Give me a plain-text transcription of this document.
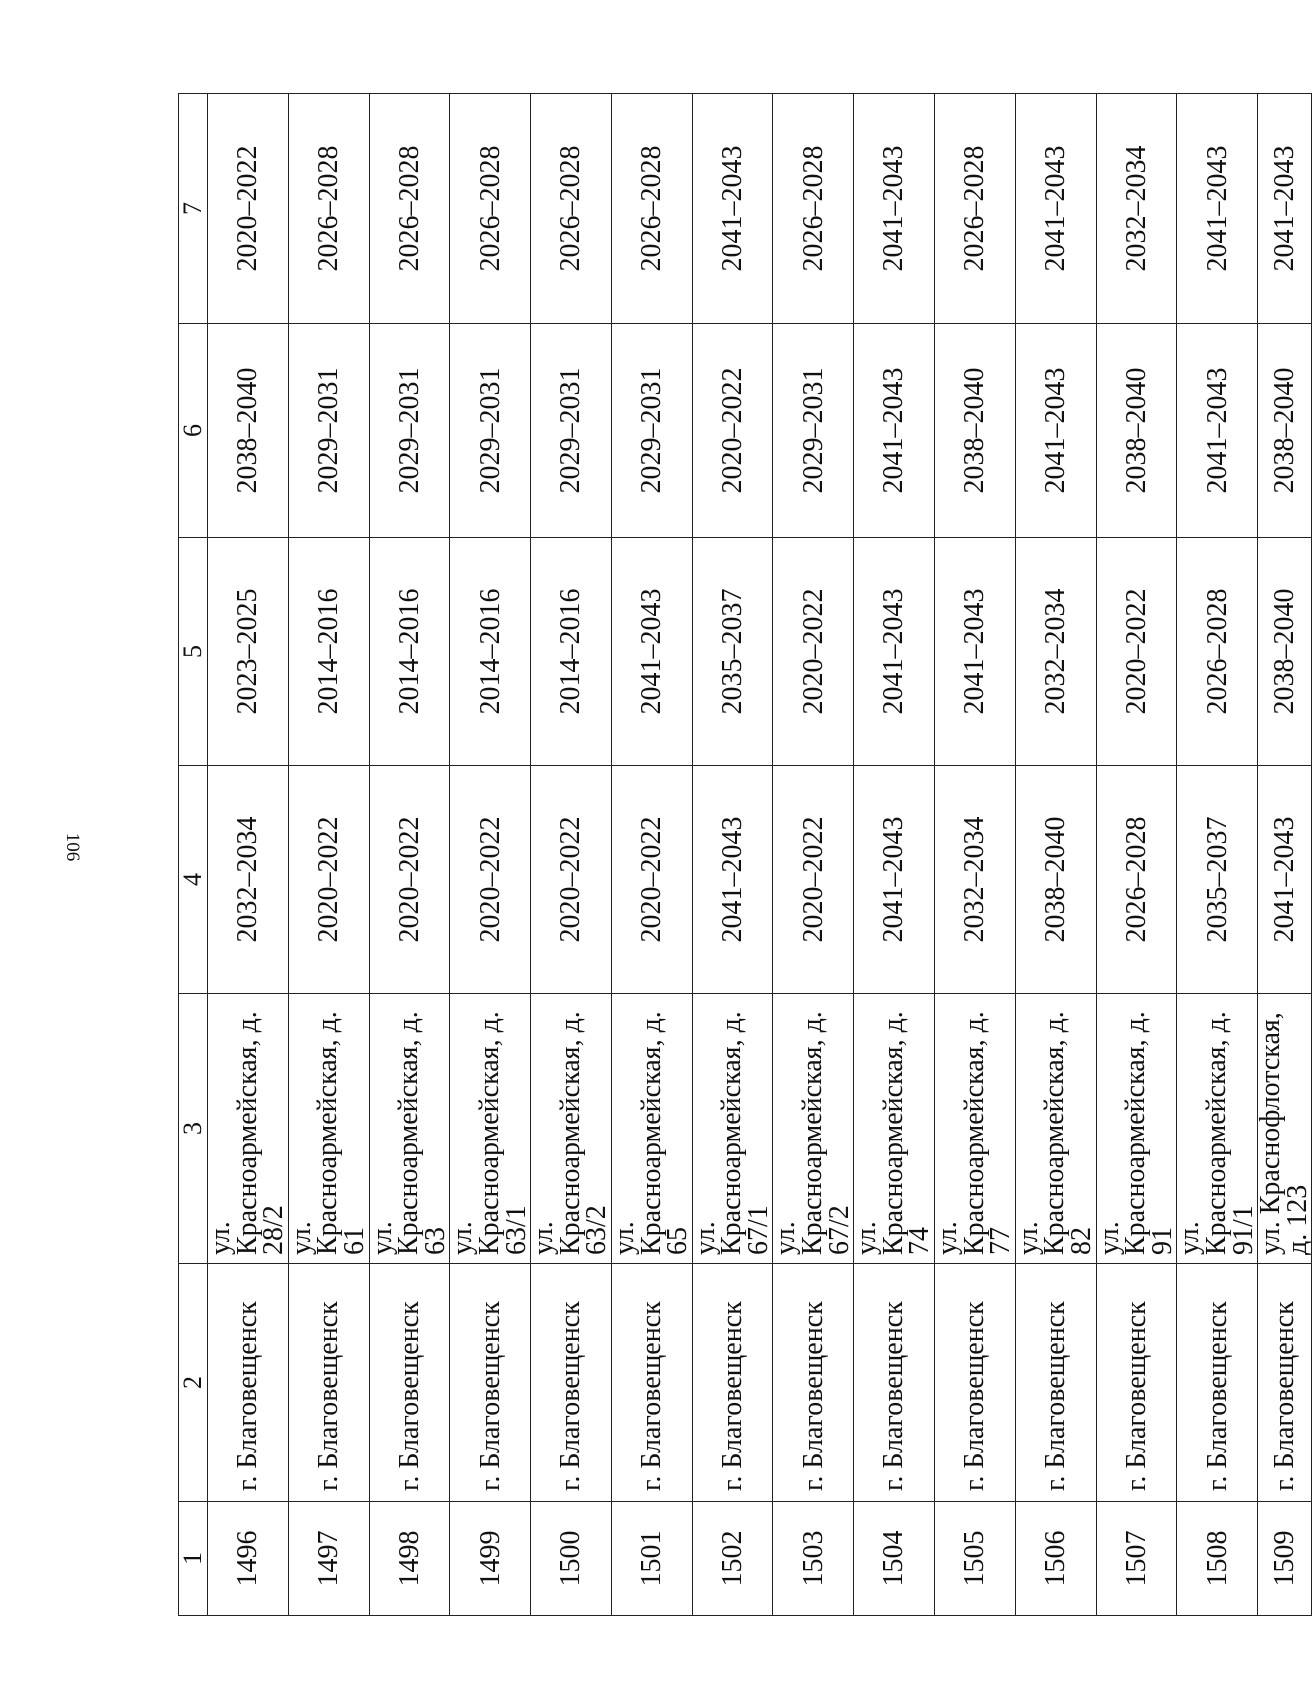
106
1	2	3	4	5	6	7
1496	г. Благовещенск	ул. Красноармейская, д. 28/2	2032–2034	2023–2025	2038–2040	2020–2022
1497	г. Благовещенск	ул. Красноармейская, д. 61	2020–2022	2014–2016	2029–2031	2026–2028
1498	г. Благовещенск	ул. Красноармейская, д. 63	2020–2022	2014–2016	2029–2031	2026–2028
1499	г. Благовещенск	ул. Красноармейская, д. 63/1	2020–2022	2014–2016	2029–2031	2026–2028
1500	г. Благовещенск	ул. Красноармейская, д. 63/2	2020–2022	2014–2016	2029–2031	2026–2028
1501	г. Благовещенск	ул. Красноармейская, д. 65	2020–2022	2041–2043	2029–2031	2026–2028
1502	г. Благовещенск	ул. Красноармейская, д. 67/1	2041–2043	2035–2037	2020–2022	2041–2043
1503	г. Благовещенск	ул. Красноармейская, д. 67/2	2020–2022	2020–2022	2029–2031	2026–2028
1504	г. Благовещенск	ул. Красноармейская, д. 74	2041–2043	2041–2043	2041–2043	2041–2043
1505	г. Благовещенск	ул. Красноармейская, д. 77	2032–2034	2041–2043	2038–2040	2026–2028
1506	г. Благовещенск	ул. Красноармейская, д. 82	2038–2040	2032–2034	2041–2043	2041–2043
1507	г. Благовещенск	ул. Красноармейская, д. 91	2026–2028	2020–2022	2038–2040	2032–2034
1508	г. Благовещенск	ул. Красноармейская, д. 91/1	2035–2037	2026–2028	2041–2043	2041–2043
1509	г. Благовещенск	ул. Краснофлотская, д. 123	2041–2043	2038–2040	2038–2040	2041–2043
